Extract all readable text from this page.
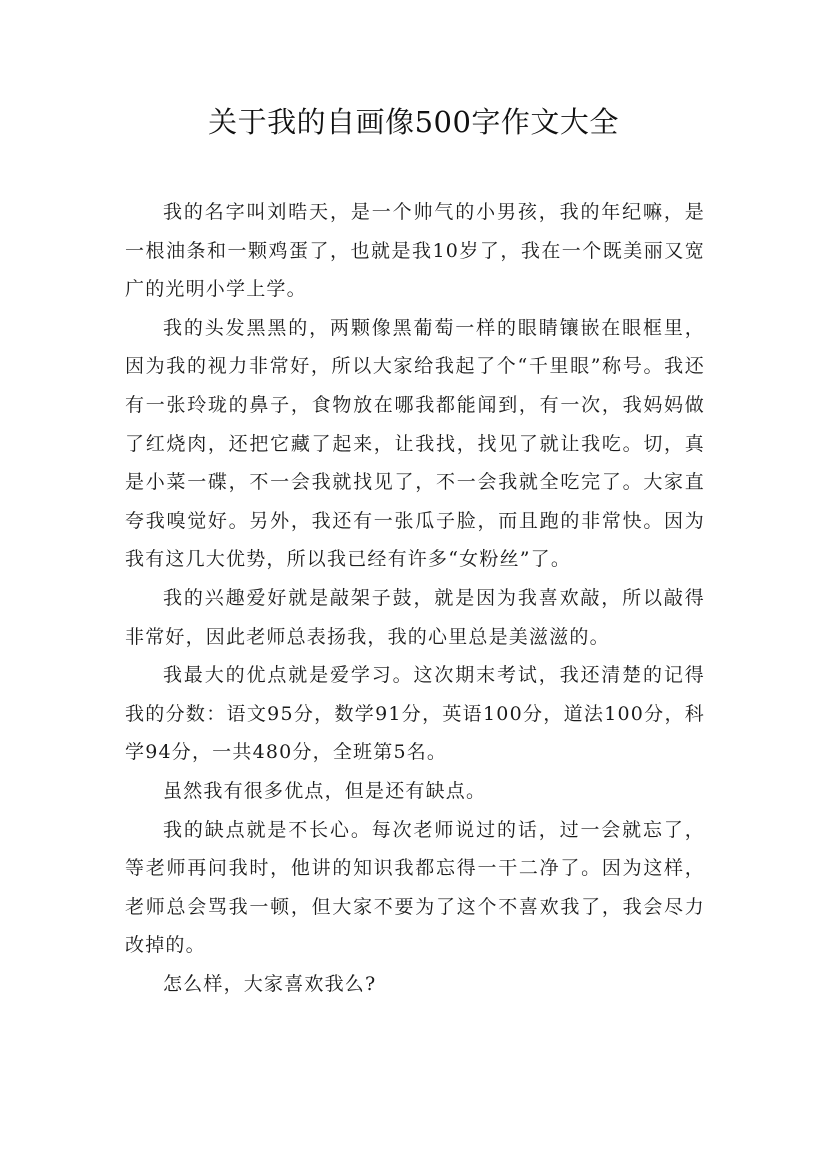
关于我的自画像500字作文大全

我的名字叫刘晧天，是一个帅气的小男孩，我的年纪嘛，是一根油条和一颗鸡蛋了，也就是我10岁了，我在一个既美丽又宽广的光明小学上学。

我的头发黑黑的，两颗像黑葡萄一样的眼睛镶嵌在眼框里，因为我的视力非常好，所以大家给我起了个“千里眼”称号。我还有一张玲珑的鼻子，食物放在哪我都能闻到，有一次，我妈妈做了红烧肉，还把它藏了起来，让我找，找见了就让我吃。切，真是小菜一碟，不一会我就找见了，不一会我就全吃完了。大家直夸我嗅觉好。另外，我还有一张瓜子脸，而且跑的非常快。因为我有这几大优势，所以我已经有许多“女粉丝”了。

我的兴趣爱好就是敲架子鼓，就是因为我喜欢敲，所以敲得非常好，因此老师总表扬我，我的心里总是美滋滋的。

我最大的优点就是爱学习。这次期末考试，我还清楚的记得我的分数：语文95分，数学91分，英语100分，道法100分，科学94分，一共480分，全班第5名。

虽然我有很多优点，但是还有缺点。

我的缺点就是不长心。每次老师说过的话，过一会就忘了，等老师再问我时，他讲的知识我都忘得一干二净了。因为这样，老师总会骂我一顿，但大家不要为了这个不喜欢我了，我会尽力改掉的。

怎么样，大家喜欢我么?
